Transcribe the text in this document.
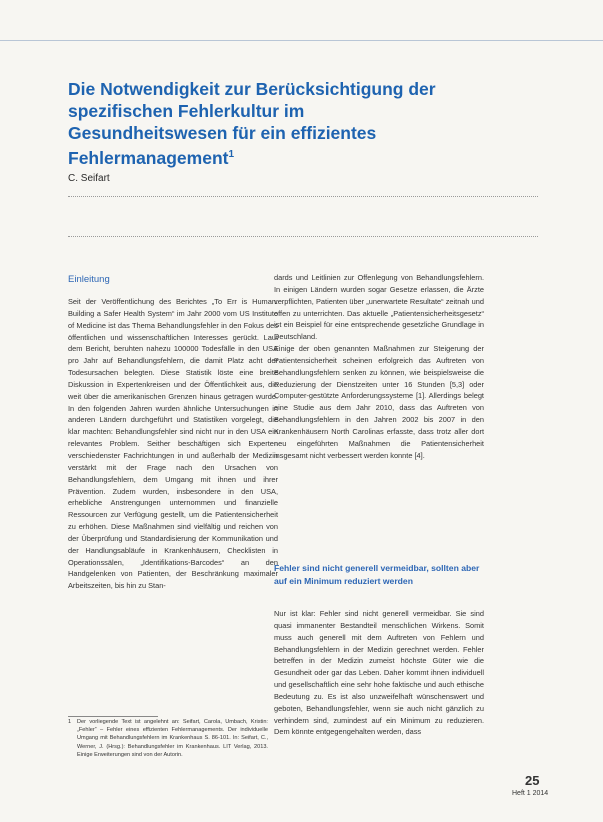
Die Notwendigkeit zur Berücksichtigung der spezifischen Fehlerkultur im Gesundheitswesen für ein effizientes Fehlermanagement$^1$
C. Seifart
Einleitung

Seit der Veröffentlichung des Berichtes „To Err is Human: Building a Safer Health System“ im Jahr 2000 vom US Institute of Medicine ist das Thema Behandlungsfehler in den Fokus des öffentlichen und wissenschaftlichen Interesses gerückt. Laut dem Bericht, beruhten nahezu 100000 Todesfälle in den USA pro Jahr auf Behandlungsfehlern, die damit Platz acht der Todesursachen belegten. Diese Statistik löste eine breite Diskussion in Expertenkreisen und der Öffentlichkeit aus, die weit über die amerikanischen Grenzen hinaus getragen wurde. In den folgenden Jahren wurden ähnliche Untersuchungen in anderen Ländern durchgeführt und Statistiken vorgelegt, die klar machten: Behandlungsfehler sind nicht nur in den USA ein relevantes Problem. Seither beschäftigen sich Experten verschiedenster Fachrichtungen in und außerhalb der Medizin verstärkt mit der Frage nach den Ursachen von Behandlungsfehlern, dem Umgang mit ihnen und ihrer Prävention. Zudem wurden, insbesondere in den USA, erhebliche Anstrengungen unternommen und finanzielle Ressourcen zur Verfügung gestellt, um die Patientensicherheit zu erhöhen. Diese Maßnahmen sind vielfältig und reichen von der Überprüfung und Standardisierung der Kommunikation und der Handlungsabläufe in Krankenhäusern, Checklisten in Operationssälen, „Identifikations-Barcodes“ an den Handgelenken von Patienten, der Beschränkung maximaler Arbeitszeiten, bis hin zu Stan-

dards und Leitlinien zur Offenlegung von Behandlungsfehlern. In einigen Ländern wurden sogar Gesetze erlassen, die Ärzte verpflichten, Patienten über „unerwartete Resultate“ zeitnah und offen zu unterrichten. Das aktuelle „Patientensicherheitsgesetz“ ist ein Beispiel für eine entsprechende gesetzliche Grundlage in Deutschland.
Einige der oben genannten Maßnahmen zur Steigerung der Patientensicherheit scheinen erfolgreich das Auftreten von Behandlungsfehlern senken zu können, wie beispielsweise die Reduzierung der Dienstzeiten unter 16 Stunden [5,3] oder Computer-gestützte Anforderungssysteme [1]. Allerdings belegt eine Studie aus dem Jahr 2010, dass das Auftreten von Behandlungsfehlern in den Jahren 2002 bis 2007 in den Krankenhäusern North Carolinas erfasste, dass trotz aller dort neu eingeführten Maßnahmen die Patientensicherheit insgesamt nicht verbessert werden konnte [4].

Fehler sind nicht generell vermeidbar, sollten aber auf ein Minimum reduziert werden

Nur ist klar: Fehler sind nicht generell vermeidbar. Sie sind quasi immanenter Bestandteil menschlichen Wirkens. Somit muss auch generell mit dem Auftreten von Fehlern und Behandlungsfehlern in der Medizin gerechnet werden. Fehler betreffen in der Medizin zumeist höchste Güter wie die Gesundheit oder gar das Leben. Daher kommt ihnen individuell und gesellschaftlich eine sehr hohe faktische und auch ethische Bedeutung zu. Es ist also unzweifelhaft wünschenswert und geboten, Behandlungsfehler, wenn sie auch nicht gänzlich zu verhindern sind, zumindest auf ein Minimum zu reduzieren. Dem könnte entgegengehalten werden, dass

1	Der vorliegende Text ist angelehnt an: Seifart, Carola, Umbach, Kristin: „Fehler“ – Fehler eines effizienten Fehlermanagements. Der individuelle Umgang mit Behandlungsfehlern im Krankenhaus S. 86-101. In: Seifart, C., Werner, J. (Hrsg.): Behandlungsfehler im Krankenhaus. LIT Verlag, 2013. Einige Erweiterungen sind von der Autorin.
25
Heft 1 2014
